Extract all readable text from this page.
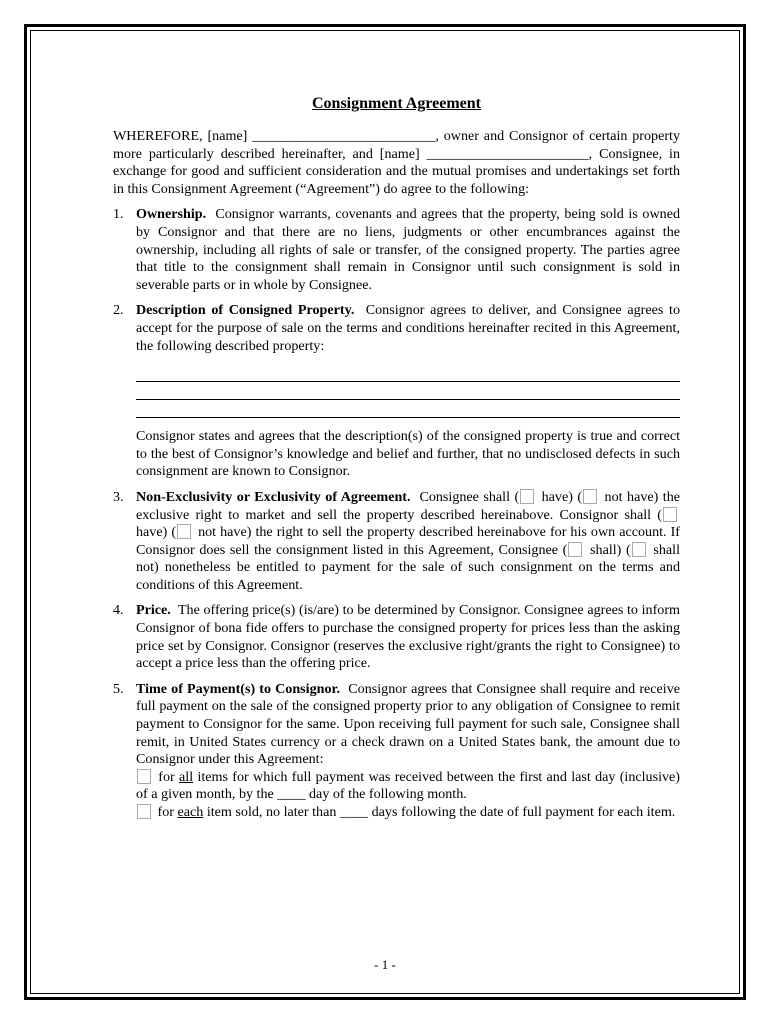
Consignment Agreement

WHEREFORE, [name] __________________________, owner and Consignor of certain property more particularly described hereinafter, and [name] _______________________, Consignee, in exchange for good and sufficient consideration and the mutual promises and undertakings set forth in this Consignment Agreement (“Agreement”) do agree to the following:

1. Ownership. Consignor warrants, covenants and agrees that the property, being sold is owned by Consignor and that there are no liens, judgments or other encumbrances against the ownership, including all rights of sale or transfer, of the consigned property. The parties agree that title to the consignment shall remain in Consignor until such consignment is sold in severable parts or in whole by Consignee.

2. Description of Consigned Property. Consignor agrees to deliver, and Consignee agrees to accept for the purpose of sale on the terms and conditions hereinafter recited in this Agreement, the following described property:

Consignor states and agrees that the description(s) of the consigned property is true and correct to the best of Consignor’s knowledge and belief and further, that no undisclosed defects in such consignment are known to Consignor.

3. Non-Exclusivity or Exclusivity of Agreement. Consignee shall ( have) ( not have) the exclusive right to market and sell the property described hereinabove. Consignor shall ( have) ( not have) the right to sell the property described hereinabove for his own account. If Consignor does sell the consignment listed in this Agreement, Consignee ( shall) ( shall not) nonetheless be entitled to payment for the sale of such consignment on the terms and conditions of this Agreement.

4. Price. The offering price(s) (is/are) to be determined by Consignor. Consignee agrees to inform Consignor of bona fide offers to purchase the consigned property for prices less than the asking price set by Consignor. Consignor (reserves the exclusive right/grants the right to Consignee) to accept a price less than the offering price.

5. Time of Payment(s) to Consignor. Consignor agrees that Consignee shall require and receive full payment on the sale of the consigned property prior to any obligation of Consignee to remit payment to Consignor for the same. Upon receiving full payment for such sale, Consignee shall remit, in United States currency or a check drawn on a United States bank, the amount due to Consignor under this Agreement:

for all items for which full payment was received between the first and last day (inclusive) of a given month, by the ____ day of the following month.

for each item sold, no later than ____ days following the date of full payment for each item.

- 1 -
